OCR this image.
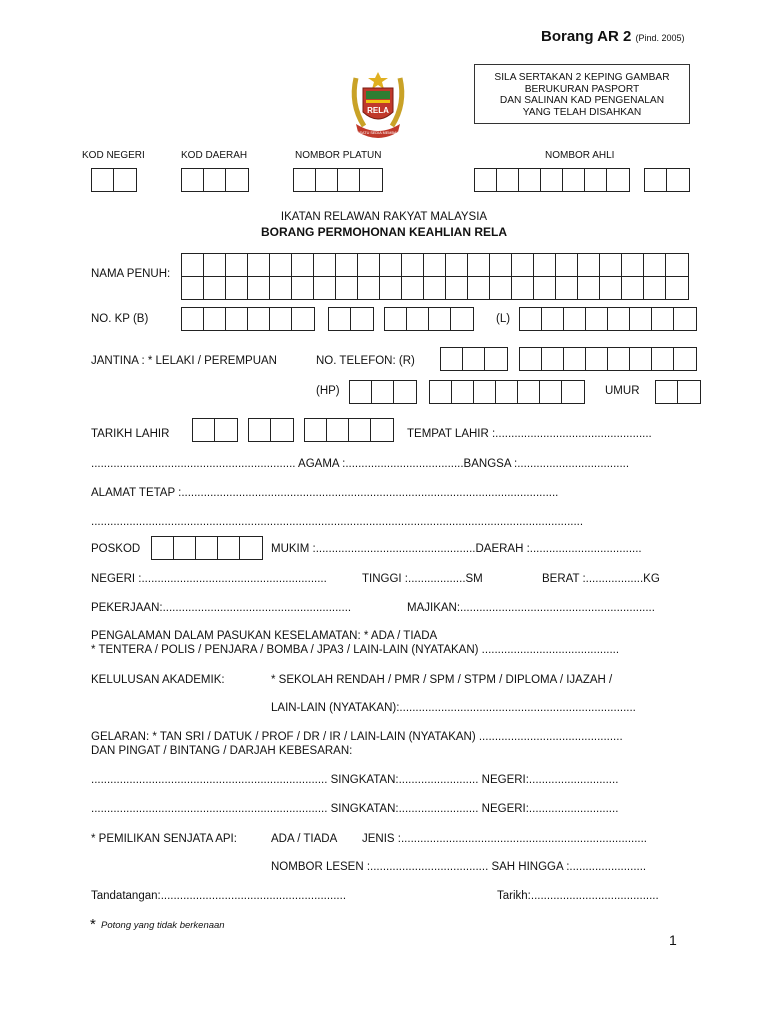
Borang AR 2 (Pind. 2005)
SILA SERTAKAN 2 KEPING GAMBAR
BERUKURAN PASPORT
DAN SALINAN KAD PENGENALAN
YANG TELAH DISAHKAN
RELA
BERSATU SEDIA MEMBANTU
KOD NEGERI	KOD DAERAH	NOMBOR PLATUN	NOMBOR AHLI
IKATAN RELAWAN RAKYAT MALAYSIA
BORANG PERMOHONAN KEAHLIAN RELA
NAMA PENUH:
NO. KP (B)	(L)
JANTINA : * LELAKI / PEREMPUAN	NO. TELEFON: (R)
(HP)	UMUR
TARIKH LAHIR	TEMPAT LAHIR :.................................................
................................................................ AGAMA :.....................................BANGSA :...................................
ALAMAT TETAP :......................................................................................................................
..........................................................................................................................................................
POSKOD	MUKIM :..................................................DAERAH :...................................
NEGERI :..........................................................	TINGGI :..................SM	BERAT :..................KG
PEKERJAAN:...........................................................	MAJIKAN:.............................................................
PENGALAMAN DALAM PASUKAN KESELAMATAN: * ADA / TIADA
* TENTERA / POLIS / PENJARA / BOMBA / JPA3 / LAIN-LAIN (NYATAKAN) ...........................................
KELULUSAN AKADEMIK:	* SEKOLAH RENDAH / PMR / SPM / STPM / DIPLOMA / IJAZAH /
LAIN-LAIN (NYATAKAN):..........................................................................
GELARAN: * TAN SRI / DATUK / PROF / DR / IR / LAIN-LAIN (NYATAKAN) .............................................
DAN PINGAT / BINTANG / DARJAH KEBESARAN:
.......................................................................... SINGKATAN:......................... NEGERI:............................
.......................................................................... SINGKATAN:......................... NEGERI:............................
* PEMILIKAN SENJATA API:	ADA / TIADA JENIS :.............................................................................
NOMBOR LESEN :..................................... SAH HINGGA :........................
Tandatangan:..........................................................	Tarikh:........................................
* Potong yang tidak berkenaan
1
